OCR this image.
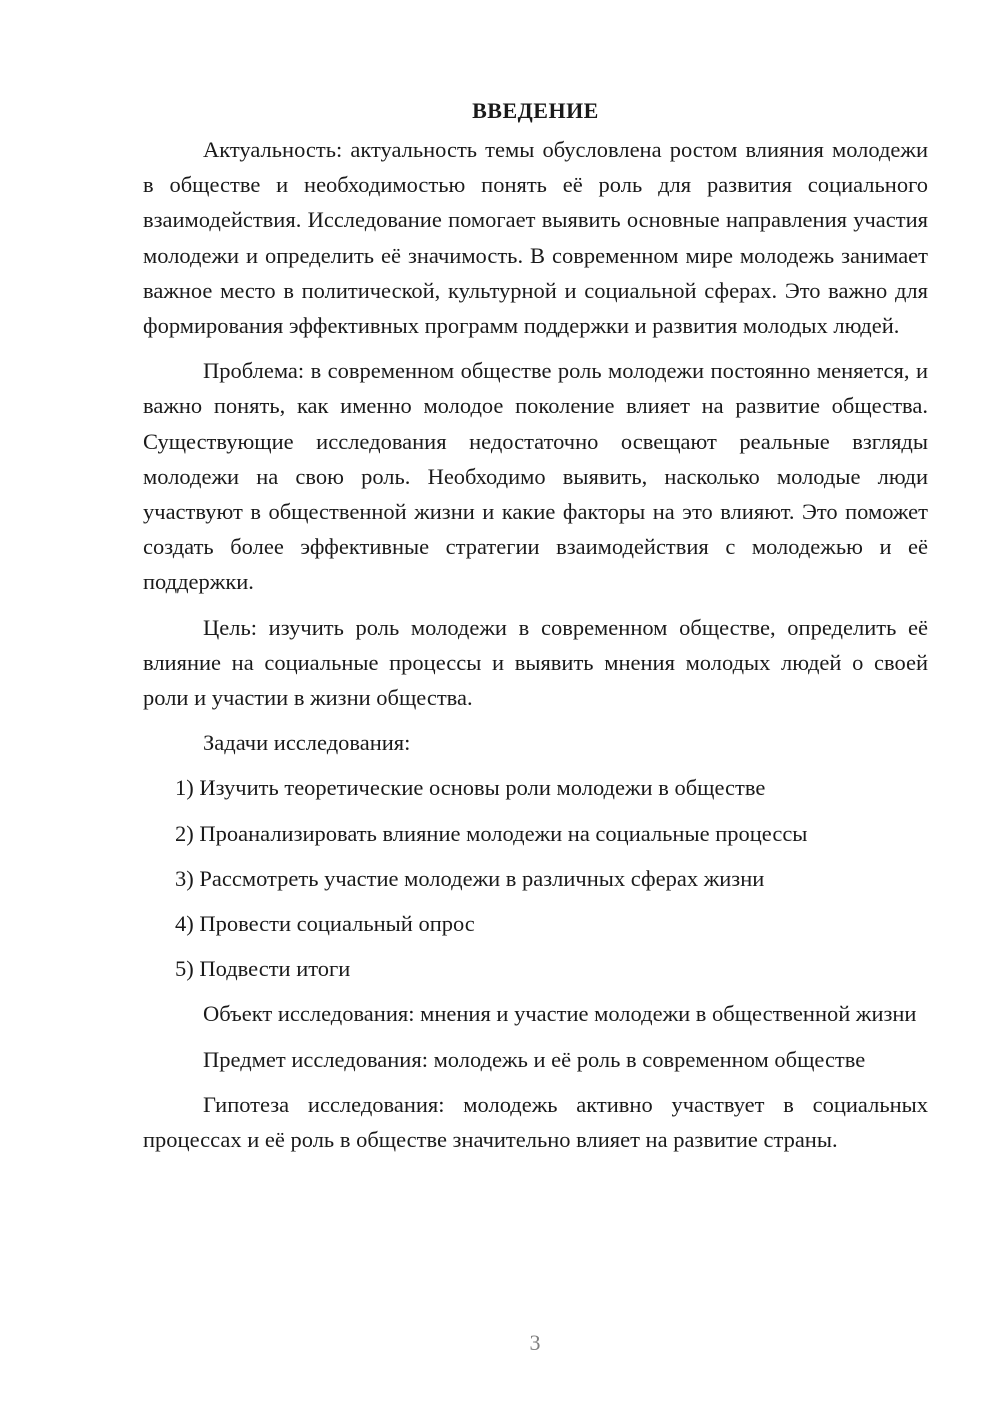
ВВЕДЕНИЕ

Актуальность: актуальность темы обусловлена ростом влияния молодежи в обществе и необходимостью понять её роль для развития социального взаимодействия. Исследование помогает выявить основные направления участия молодежи и определить её значимость. В современном мире молодежь занимает важное место в политической, культурной и социальной сферах. Это важно для формирования эффективных программ поддержки и развития молодых людей.

Проблема: в современном обществе роль молодежи постоянно меняется, и важно понять, как именно молодое поколение влияет на развитие общества. Существующие исследования недостаточно освещают реальные взгляды молодежи на свою роль. Необходимо выявить, насколько молодые люди участвуют в общественной жизни и какие факторы на это влияют. Это поможет создать более эффективные стратегии взаимодействия с молодежью и её поддержки.

Цель: изучить роль молодежи в современном обществе, определить её влияние на социальные процессы и выявить мнения молодых людей о своей роли и участии в жизни общества.

Задачи исследования:

1) Изучить теоретические основы роли молодежи в обществе
2) Проанализировать влияние молодежи на социальные процессы
3) Рассмотреть участие молодежи в различных сферах жизни
4) Провести социальный опрос
5) Подвести итоги

Объект исследования: мнения и участие молодежи в общественной жизни

Предмет исследования: молодежь и её роль в современном обществе

Гипотеза исследования: молодежь активно участвует в социальных процессах и её роль в обществе значительно влияет на развитие страны.

3
